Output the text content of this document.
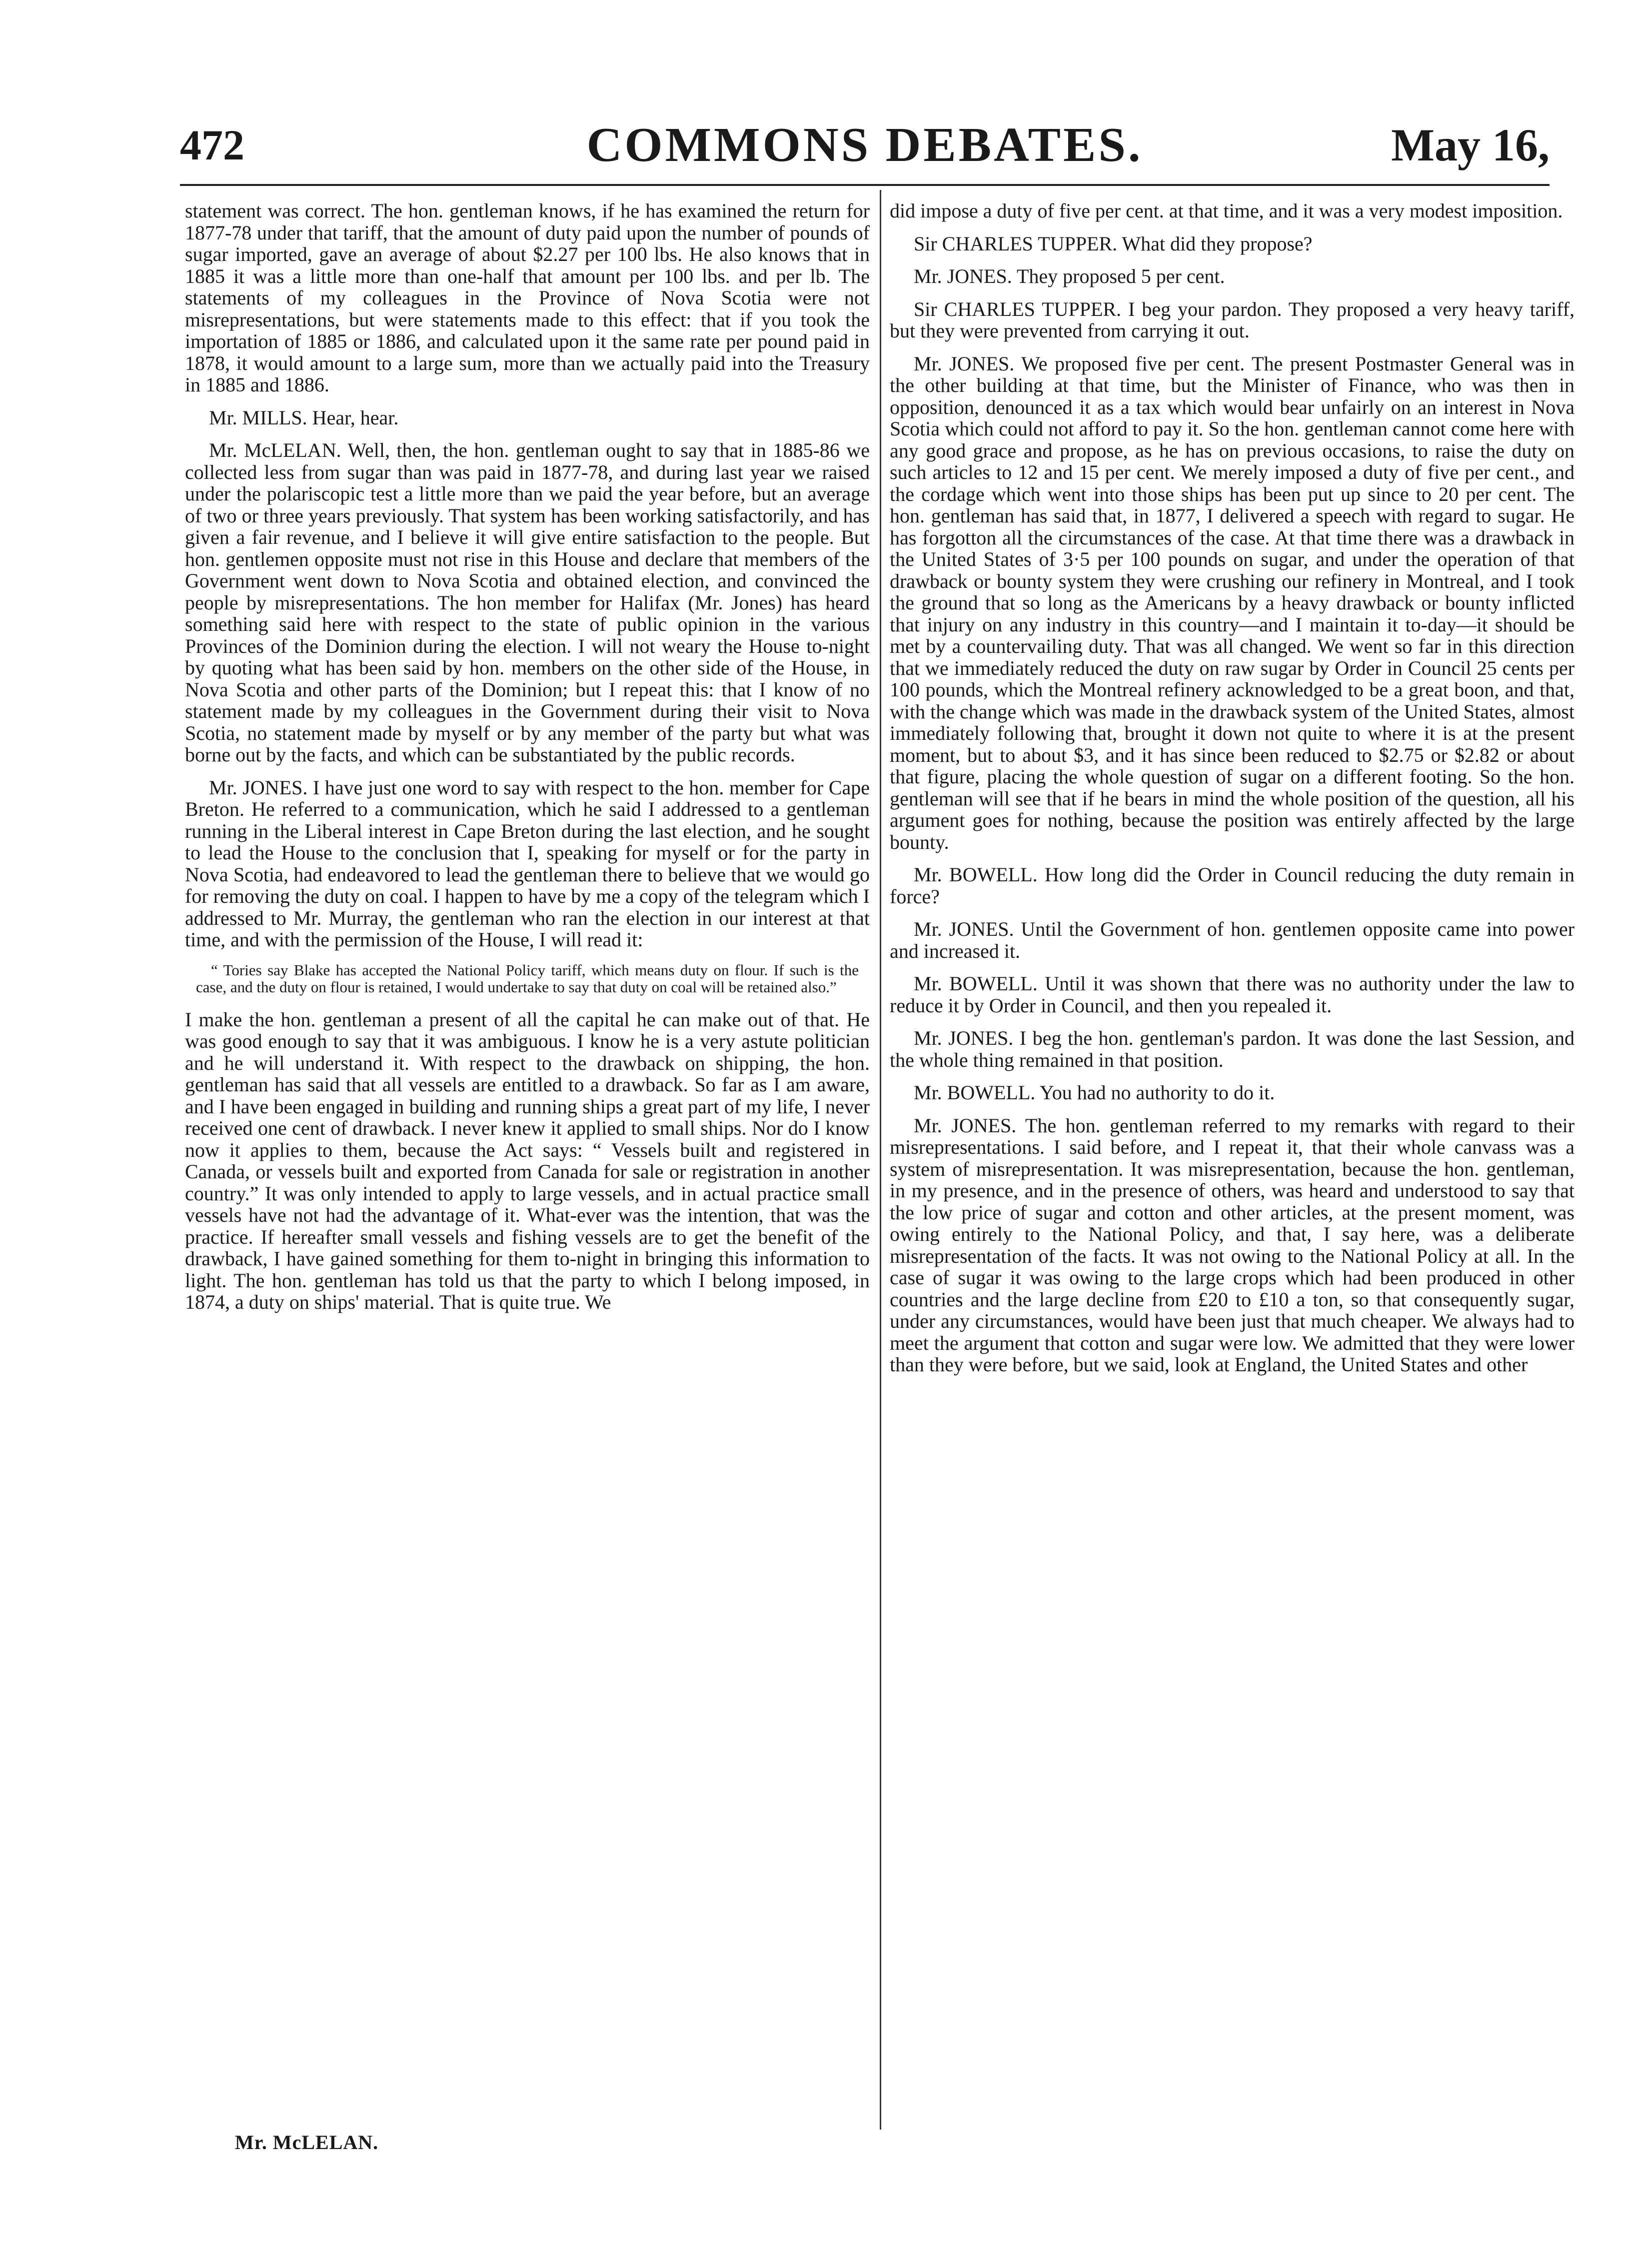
472	COMMONS DEBATES.	May 16,

statement was correct. The hon. gentleman knows, if he has examined the return for 1877-78 under that tariff, that the amount of duty paid upon the number of pounds of sugar imported, gave an average of about $2.27 per 100 lbs. He also knows that in 1885 it was a little more than one-half that amount per 100 lbs. and per lb. The statements of my colleagues in the Province of Nova Scotia were not misrepresentations, but were statements made to this effect: that if you took the importation of 1885 or 1886, and calculated upon it the same rate per pound paid in 1878, it would amount to a large sum, more than we actually paid into the Treasury in 1885 and 1886.

Mr. MILLS. Hear, hear.

Mr. McLELAN. Well, then, the hon. gentleman ought to say that in 1885-86 we collected less from sugar than was paid in 1877-78, and during last year we raised under the polariscopic test a little more than we paid the year before, but an average of two or three years previously. That system has been working satisfactorily, and has given a fair revenue, and I believe it will give entire satisfaction to the people. But hon. gentlemen opposite must not rise in this House and declare that members of the Government went down to Nova Scotia and obtained election, and convinced the people by misrepresentations. The hon member for Halifax (Mr. Jones) has heard something said here with respect to the state of public opinion in the various Provinces of the Dominion during the election. I will not weary the House to-night by quoting what has been said by hon. members on the other side of the House, in Nova Scotia and other parts of the Dominion; but I repeat this: that I know of no statement made by my colleagues in the Government during their visit to Nova Scotia, no statement made by myself or by any member of the party but what was borne out by the facts, and which can be substantiated by the public records.

Mr. JONES. I have just one word to say with respect to the hon. member for Cape Breton. He referred to a communication, which he said I addressed to a gentleman running in the Liberal interest in Cape Breton during the last election, and he sought to lead the House to the conclusion that I, speaking for myself or for the party in Nova Scotia, had endeavored to lead the gentleman there to believe that we would go for removing the duty on coal. I happen to have by me a copy of the telegram which I addressed to Mr. Murray, the gentleman who ran the election in our interest at that time, and with the permission of the House, I will read it:

“ Tories say Blake has accepted the National Policy tariff, which means duty on flour. If such is the case, and the duty on flour is retained, I would undertake to say that duty on coal will be retained also.”

I make the hon. gentleman a present of all the capital he can make out of that. He was good enough to say that it was ambiguous. I know he is a very astute politician and he will understand it. With respect to the drawback on shipping, the hon. gentleman has said that all vessels are entitled to a drawback. So far as I am aware, and I have been engaged in building and running ships a great part of my life, I never received one cent of drawback. I never knew it applied to small ships. Nor do I know now it applies to them, because the Act says: “ Vessels built and registered in Canada, or vessels built and exported from Canada for sale or registration in another country.” It was only intended to apply to large vessels, and in actual practice small vessels have not had the advantage of it. What-ever was the intention, that was the practice. If hereafter small vessels and fishing vessels are to get the benefit of the drawback, I have gained something for them to-night in bringing this information to light. The hon. gentleman has told us that the party to which I belong imposed, in 1874, a duty on ships' material. That is quite true. We

did impose a duty of five per cent. at that time, and it was a very modest imposition.

Sir CHARLES TUPPER. What did they propose?

Mr. JONES. They proposed 5 per cent.

Sir CHARLES TUPPER. I beg your pardon. They proposed a very heavy tariff, but they were prevented from carrying it out.

Mr. JONES. We proposed five per cent. The present Postmaster General was in the other building at that time, but the Minister of Finance, who was then in opposition, denounced it as a tax which would bear unfairly on an interest in Nova Scotia which could not afford to pay it. So the hon. gentleman cannot come here with any good grace and propose, as he has on previous occasions, to raise the duty on such articles to 12 and 15 per cent. We merely imposed a duty of five per cent., and the cordage which went into those ships has been put up since to 20 per cent. The hon. gentleman has said that, in 1877, I delivered a speech with regard to sugar. He has forgotton all the circumstances of the case. At that time there was a drawback in the United States of 3·5 per 100 pounds on sugar, and under the operation of that drawback or bounty system they were crushing our refinery in Montreal, and I took the ground that so long as the Americans by a heavy drawback or bounty inflicted that injury on any industry in this country—and I maintain it to-day—it should be met by a countervailing duty. That was all changed. We went so far in this direction that we immediately reduced the duty on raw sugar by Order in Council 25 cents per 100 pounds, which the Montreal refinery acknowledged to be a great boon, and that, with the change which was made in the drawback system of the United States, almost immediately following that, brought it down not quite to where it is at the present moment, but to about $3, and it has since been reduced to $2.75 or $2.82 or about that figure, placing the whole question of sugar on a different footing. So the hon. gentleman will see that if he bears in mind the whole position of the question, all his argument goes for nothing, because the position was entirely affected by the large bounty.

Mr. BOWELL. How long did the Order in Council reducing the duty remain in force?

Mr. JONES. Until the Government of hon. gentlemen opposite came into power and increased it.

Mr. BOWELL. Until it was shown that there was no authority under the law to reduce it by Order in Council, and then you repealed it.

Mr. JONES. I beg the hon. gentleman's pardon. It was done the last Session, and the whole thing remained in that position.

Mr. BOWELL. You had no authority to do it.

Mr. JONES. The hon. gentleman referred to my remarks with regard to their misrepresentations. I said before, and I repeat it, that their whole canvass was a system of misrepresentation. It was misrepresentation, because the hon. gentleman, in my presence, and in the presence of others, was heard and understood to say that the low price of sugar and cotton and other articles, at the present moment, was owing entirely to the National Policy, and that, I say here, was a deliberate misrepresentation of the facts. It was not owing to the National Policy at all. In the case of sugar it was owing to the large crops which had been produced in other countries and the large decline from £20 to £10 a ton, so that consequently sugar, under any circumstances, would have been just that much cheaper. We always had to meet the argument that cotton and sugar were low. We admitted that they were lower than they were before, but we said, look at England, the United States and other

Mr. McLELAN.
